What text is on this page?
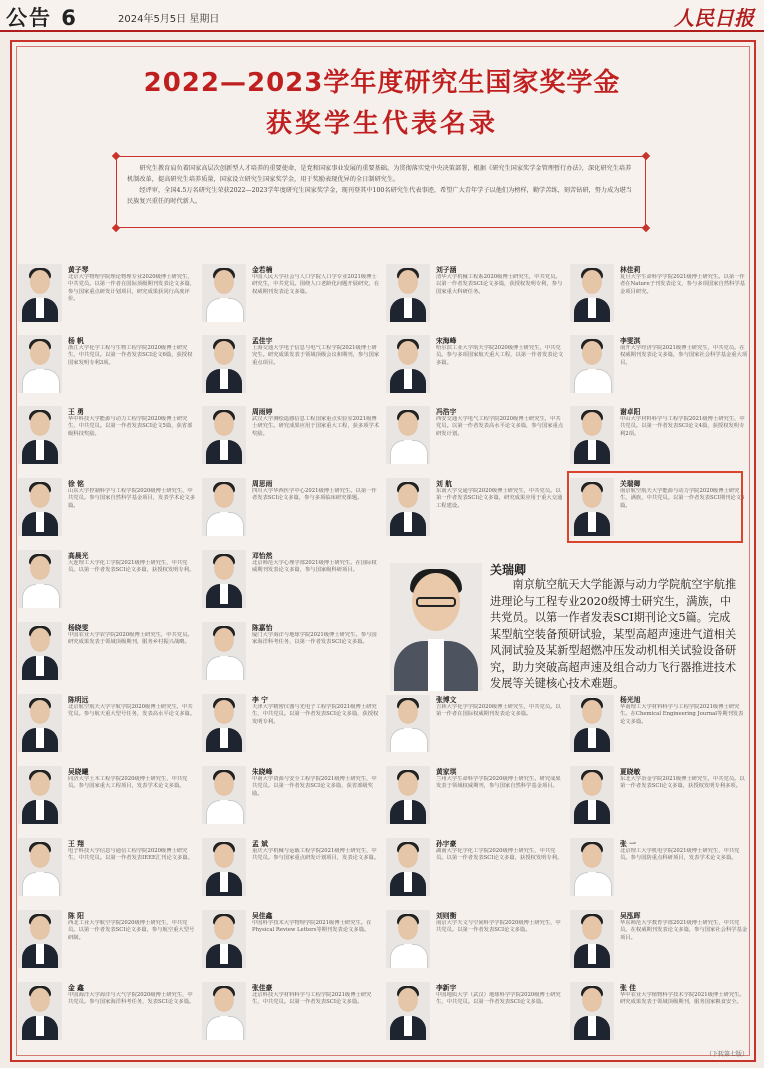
公告 6	2024年5月5日 星期日	人民日报
2022—2023学年度研究生国家奖学金
获奖学生代表名录

研究生教育肩负着国家高层次创新型人才培养的重要使命，是党和国家事业发展的重要基础。为贯彻落实党中央决策部署，根据《研究生国家奖学金管理暂行办法》，深化研究生培养机制改革，提高研究生培养质量，国家设立研究生国家奖学金，用于奖励表现优异的全日制研究生。

经评审，全国4.5万名研究生荣获2022—2023学年度研究生国家奖学金，现刊登其中100名研究生代表事迹，希望广大青年学子以他们为榜样，勤学苦练，刻苦钻研，努力成为堪当民族复兴重任的时代新人。

黄子琴
北京大学物理学院理论物理专业2020级博士研究生，中共党员。以第一作者在国际顶级期刊发表论文多篇，参与国家重点研发计划项目，研究成果获同行高度评价。
金若楠
中国人民大学社会与人口学院人口学专业2021级博士研究生，中共党员。围绕人口老龄化问题开展研究，在权威期刊发表论文多篇。
刘子涵
清华大学机械工程系2020级博士研究生，中共党员。以第一作者发表SCI论文多篇，获授权发明专利，参与国家重大科研任务。
林佳莉
复旦大学生命科学学院2021级博士研究生。以第一作者在Nature子刊发表论文，参与多项国家自然科学基金项目研究。
杨 帆
浙江大学化学工程与生物工程学院2020级博士研究生，中共党员。以第一作者发表SCI论文6篇，获授权国家发明专利3项。
孟佳宇
上海交通大学电子信息与电气工程学院2021级博士研究生。研究成果发表于领域顶级会议和期刊，参与国家重点项目。
宋海峰
哈尔滨工业大学航天学院2020级博士研究生，中共党员。参与多项国家航天重大工程，以第一作者发表论文多篇。
李雯淇
南开大学经济学院2021级博士研究生，中共党员。在权威期刊发表论文多篇，参与国家社会科学基金重大项目。
王 勇
华中科技大学能源与动力工程学院2020级博士研究生，中共党员。以第一作者发表SCI论文5篇，获省部级科技奖励。
周雨婷
武汉大学测绘遥感信息工程国家重点实验室2021级博士研究生。研究成果应用于国家重大工程，获多项学术奖励。
冯浩宇
西安交通大学电气工程学院2020级博士研究生，中共党员。以第一作者发表高水平论文多篇，参与国家重点研发计划。
谢卓阳
中山大学材料科学与工程学院2021级博士研究生，中共党员。以第一作者发表SCI论文4篇，获授权发明专利2项。
徐 铭
山东大学控制科学与工程学院2020级博士研究生，中共党员。参与国家自然科学基金项目，发表学术论文多篇。
周思雨
四川大学华西医学中心2021级博士研究生。以第一作者发表SCI论文多篇，参与多项临床研究课题。
刘 航
东南大学交通学院2020级博士研究生，中共党员。以第一作者发表SCI论文多篇，研究成果应用于重大交通工程建设。
关瑞卿
南京航空航天大学能源与动力学院2020级博士研究生，满族，中共党员。以第一作者发表SCI期刊论文5篇。
高晨光
大连理工大学化工学院2021级博士研究生，中共党员。以第一作者发表SCI论文多篇，获授权发明专利。
邓怡然
北京师范大学心理学部2021级博士研究生。在国际权威期刊发表论文多篇，参与国家级科研项目。
杨晓雯
中国农业大学农学院2020级博士研究生，中共党员。研究成果发表于领域顶级期刊，服务乡村振兴战略。
陈嘉怡
厦门大学海洋与地球学院2021级博士研究生。参与国家海洋科考任务，以第一作者发表SCI论文多篇。
陈明远
北京航空航天大学宇航学院2020级博士研究生，中共党员。参与航天重大型号任务，发表高水平论文多篇。
李 宁
天津大学精密仪器与光电子工程学院2021级博士研究生，中共党员。以第一作者发表SCI论文多篇，获授权发明专利。
张博文
吉林大学化学学院2020级博士研究生，中共党员。以第一作者在国际权威期刊发表论文多篇。
杨光旭
华南理工大学材料科学与工程学院2021级博士研究生。在Chemical Engineering Journal等期刊发表论文多篇。
吴晓曦
同济大学土木工程学院2020级博士研究生，中共党员。参与国家重大工程项目，发表学术论文多篇。
朱晓峰
中南大学资源与安全工程学院2021级博士研究生，中共党员。以第一作者发表SCI论文多篇，获省部级奖励。
黄家琪
兰州大学生命科学学院2020级博士研究生。研究成果发表于领域权威期刊，参与国家自然科学基金项目。
夏晓敏
东北大学冶金学院2021级博士研究生，中共党员。以第一作者发表SCI论文多篇，获授权发明专利多项。
王 翔
电子科技大学信息与通信工程学院2020级博士研究生，中共党员。以第一作者发表IEEE汇刊论文多篇。
孟 斌
重庆大学机械与运载工程学院2021级博士研究生，中共党员。参与国家重点研发计划项目，发表论文多篇。
孙宇豪
湖南大学化学化工学院2020级博士研究生，中共党员。以第一作者发表SCI论文多篇，获授权发明专利。
张 一
北京理工大学机电学院2021级博士研究生，中共党员。参与国防重点科研项目，发表学术论文多篇。
陈 阳
西北工业大学航空学院2020级博士研究生，中共党员。以第一作者发表SCI论文多篇，参与航空重大型号研制。
吴佳鑫
中国科学技术大学物理学院2021级博士研究生。在Physical Review Letters等期刊发表论文多篇。
刘则衡
南京大学天文与空间科学学院2020级博士研究生，中共党员。以第一作者发表SCI论文多篇。
吴泓晖
华东师范大学教育学部2021级博士研究生，中共党员。在权威期刊发表论文多篇，参与国家社会科学基金项目。
金 鑫
中国海洋大学海洋与大气学院2020级博士研究生，中共党员。参与国家海洋科考任务，发表SCI论文多篇。
张佳豪
北京科技大学材料科学与工程学院2021级博士研究生，中共党员。以第一作者发表SCI论文多篇。
李新宇
中国地质大学（武汉）地球科学学院2020级博士研究生，中共党员。以第一作者发表SCI论文多篇。
张 佳
华中农业大学植物科学技术学院2021级博士研究生。研究成果发表于领域顶级期刊，服务国家粮食安全。
关瑞卿
南京航空航天大学能源与动力学院航空宇航推进理论与工程专业2020级博士研究生，满族，中共党员。以第一作者发表SCI期刊论文5篇。完成某型航空装备预研试验，某型高超声速进气道相关风洞试验及某新型超燃冲压发动机相关试验设备研究，助力突破高超声速及组合动力飞行器推进技术发展等关键核心技术难题。
（下转第七版）
